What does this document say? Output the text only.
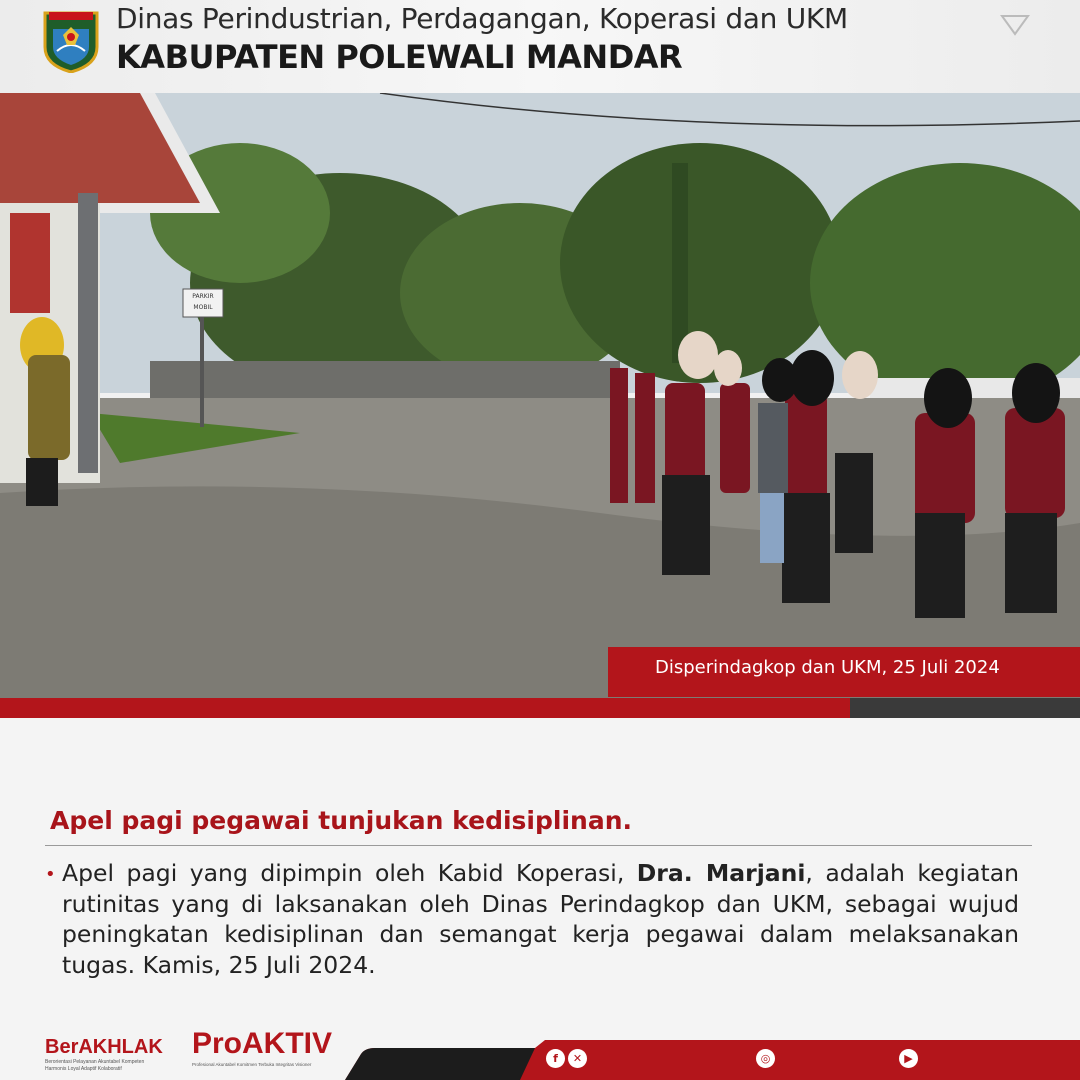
Dinas Perindustrian, Perdagangan, Koperasi dan UKM
KABUPATEN POLEWALI MANDAR
PARKIR
MOBIL
Disperindagkop dan UKM, 25 Juli 2024
Apel pagi pegawai tunjukan kedisiplinan.
• Apel pagi yang dipimpin oleh Kabid Koperasi, Dra. Marjani, adalah kegiatan rutinitas yang di laksanakan oleh Dinas Perindagkop dan UKM, sebagai wujud peningkatan kedisiplinan dan semangat kerja pegawai dalam melaksanakan tugas. Kamis, 25 Juli 2024.
BerAKHLAK
Berorientasi Pelayanan Akuntabel Kompeten
Harmonis Loyal Adaptif Kolaboratif
ProAKTIV
Profesional Akuntabel Komitmen Terbuka Integritas Visioner	f	✕	◎	▶
